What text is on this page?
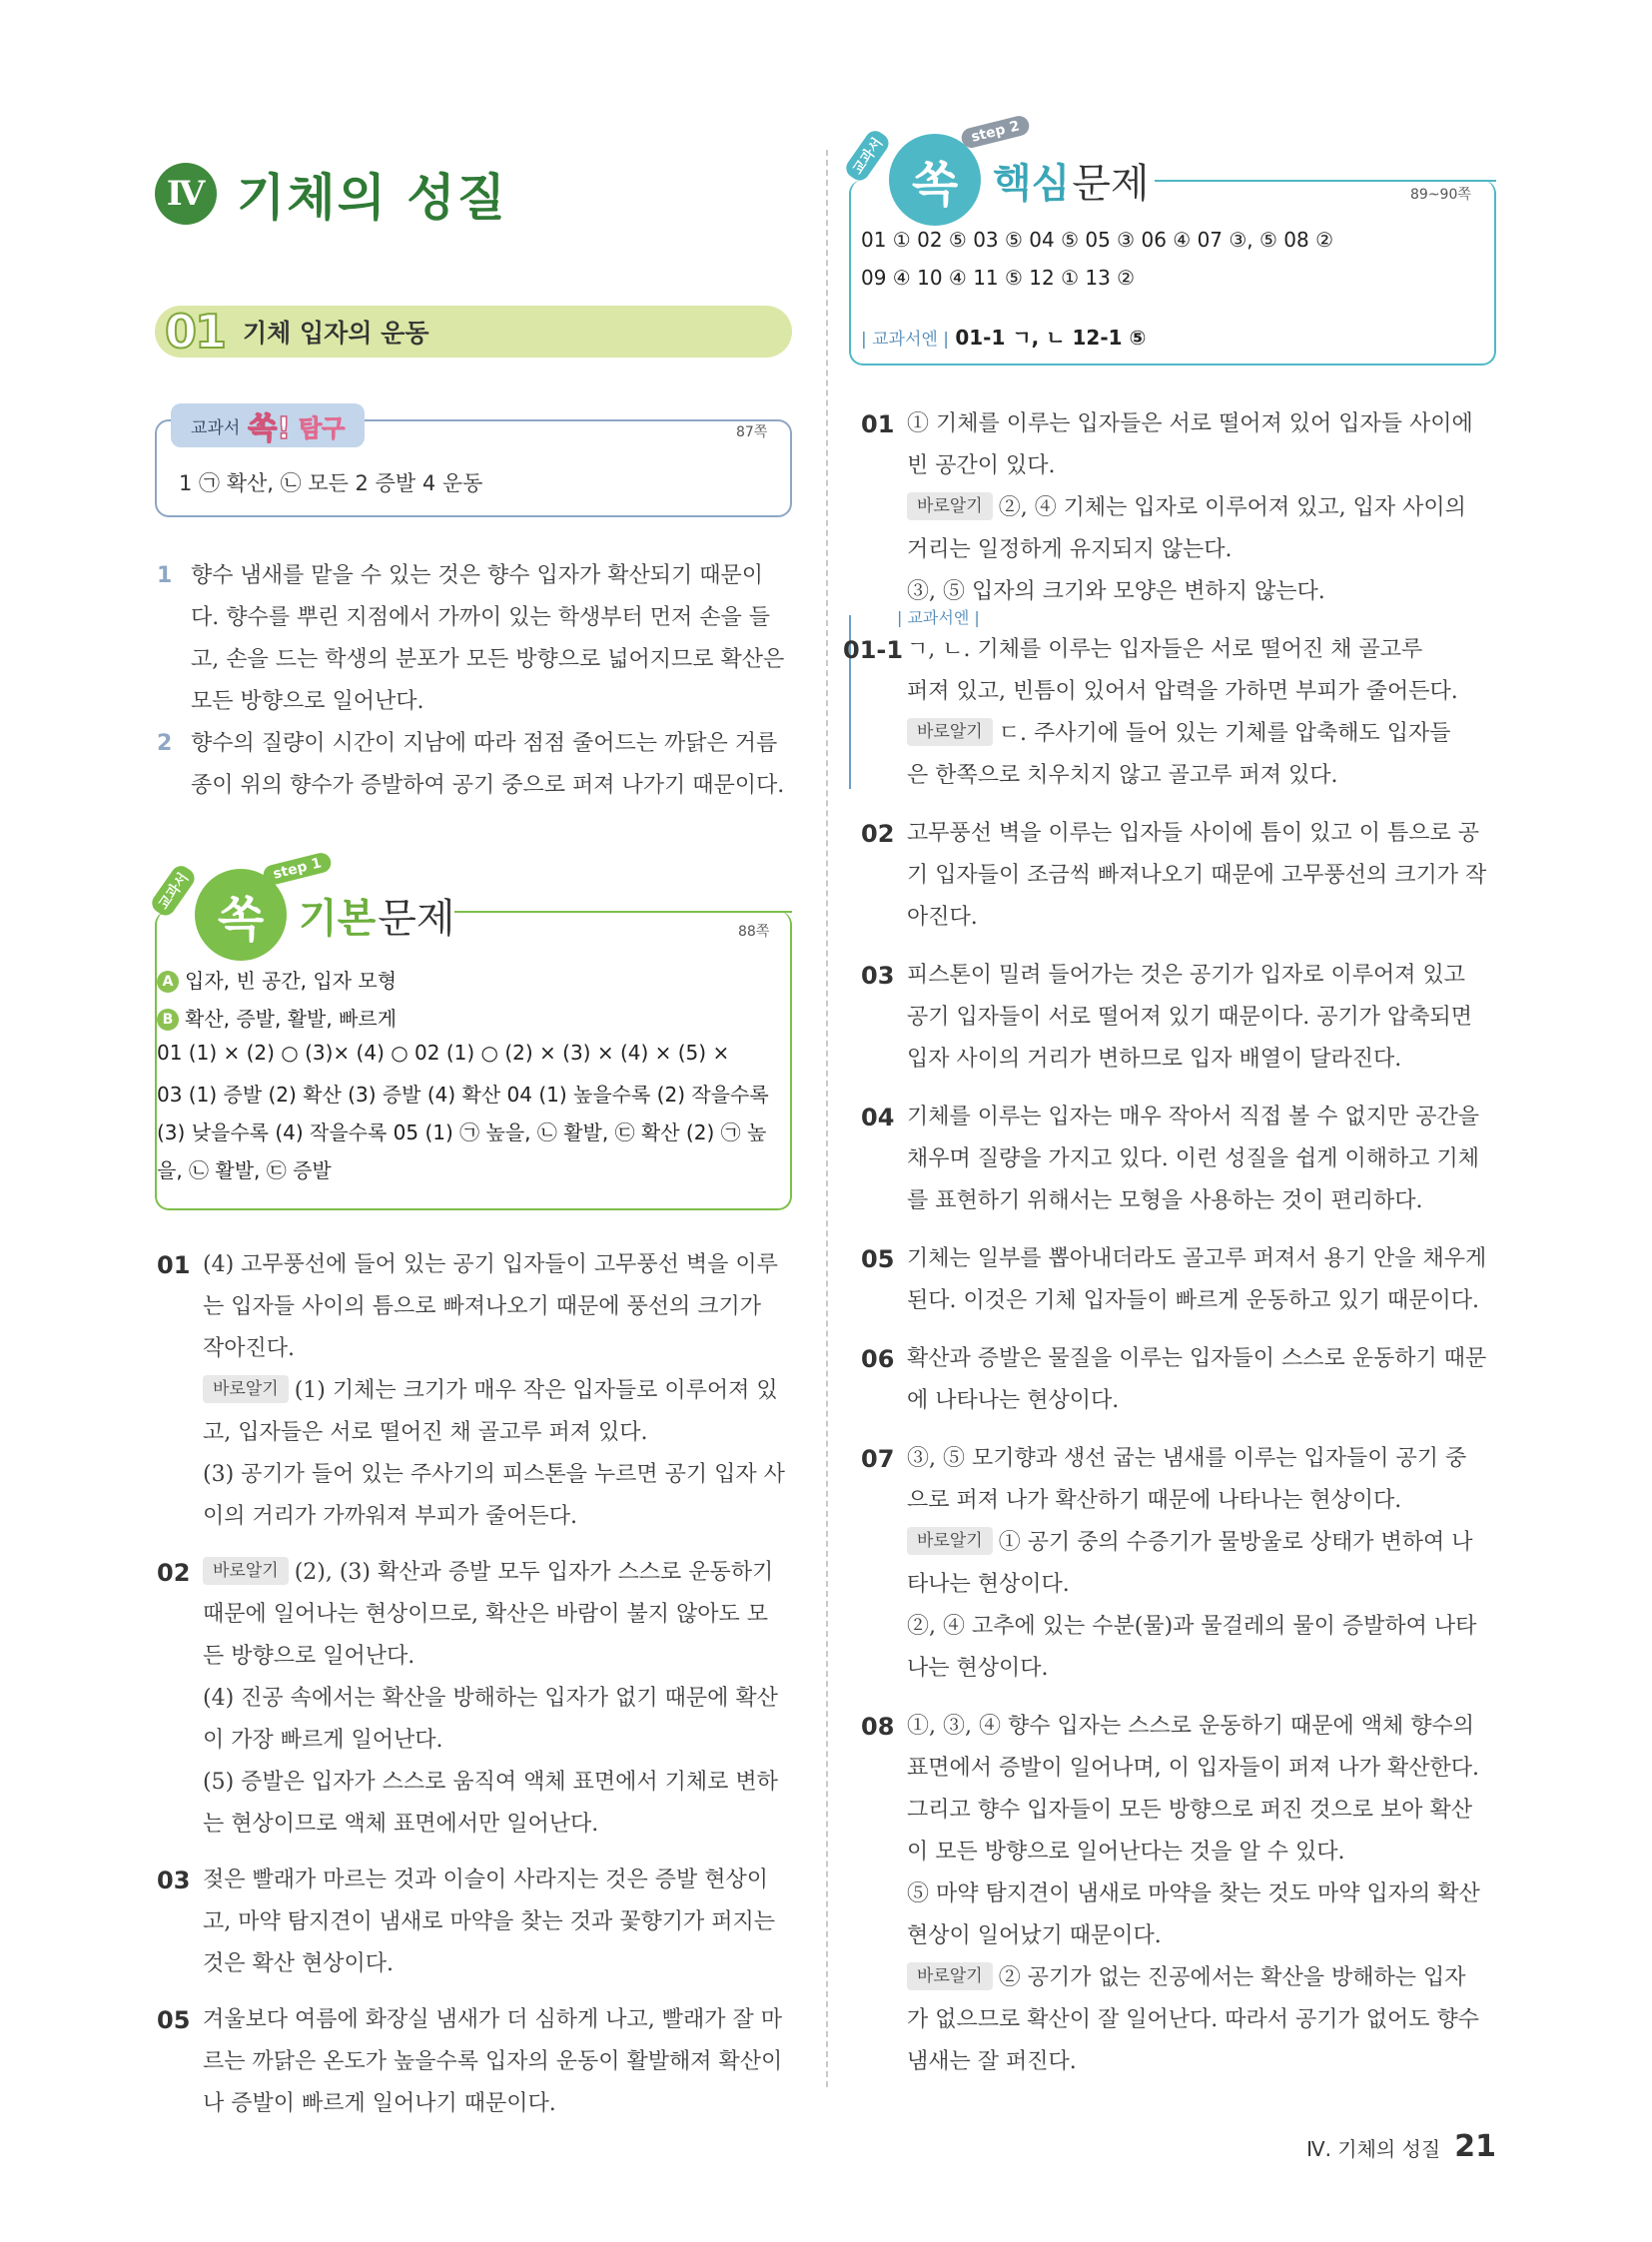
Ⅳ 기체의 성질
01 기체 입자의 운동
교과서 쏙! 탐구	87쪽
1 ㉠ 확산, ㉡ 모든 2 증발 4 운동
1 향수 냄새를 맡을 수 있는 것은 향수 입자가 확산되기 때문이
다. 향수를 뿌린 지점에서 가까이 있는 학생부터 먼저 손을 들
고, 손을 드는 학생의 분포가 모든 방향으로 넓어지므로 확산은
모든 방향으로 일어난다.
2 향수의 질량이 시간이 지남에 따라 점점 줄어드는 까닭은 거름
종이 위의 향수가 증발하여 공기 중으로 퍼져 나가기 때문이다.
쏙 기본 문제
교과서
step 1
88쪽
A 입자, 빈 공간, 입자 모형
B 확산, 증발, 활발, 빠르게
01 (1) × (2) ○ (3)× (4) ○ 02 (1) ○ (2) × (3) × (4) × (5) ×
03 (1) 증발 (2) 확산 (3) 증발 (4) 확산 04 (1) 높을수록 (2) 작을수록
(3) 낮을수록 (4) 작을수록 05 (1) ㉠ 높을, ㉡ 활발, ㉢ 확산 (2) ㉠ 높
을, ㉡ 활발, ㉢ 증발
01 (4) 고무풍선에 들어 있는 공기 입자들이 고무풍선 벽을 이루
는 입자들 사이의 틈으로 빠져나오기 때문에 풍선의 크기가
작아진다.
바로알기 (1) 기체는 크기가 매우 작은 입자들로 이루어져 있
고, 입자들은 서로 떨어진 채 골고루 퍼져 있다.
(3) 공기가 들어 있는 주사기의 피스톤을 누르면 공기 입자 사
이의 거리가 가까워져 부피가 줄어든다.
02	바로알기 (2), (3) 확산과 증발 모두 입자가 스스로 운동하기
때문에 일어나는 현상이므로, 확산은 바람이 불지 않아도 모
든 방향으로 일어난다.
(4) 진공 속에서는 확산을 방해하는 입자가 없기 때문에 확산
이 가장 빠르게 일어난다.
(5) 증발은 입자가 스스로 움직여 액체 표면에서 기체로 변하
는 현상이므로 액체 표면에서만 일어난다.
03 젖은 빨래가 마르는 것과 이슬이 사라지는 것은 증발 현상이
고, 마약 탐지견이 냄새로 마약을 찾는 것과 꽃향기가 퍼지는
것은 확산 현상이다.
05 겨울보다 여름에 화장실 냄새가 더 심하게 나고, 빨래가 잘 마
르는 까닭은 온도가 높을수록 입자의 운동이 활발해져 확산이
나 증발이 빠르게 일어나기 때문이다.
쏙 핵심 문제
교과서
step 2
89~90쪽
01 ① 02 ⑤ 03 ⑤ 04 ⑤ 05 ③ 06 ④ 07 ③, ⑤ 08 ②
09 ④ 10 ④ 11 ⑤ 12 ① 13 ②
| 교과서엔 | 01-1 ㄱ, ㄴ 12-1 ⑤
01 ① 기체를 이루는 입자들은 서로 떨어져 있어 입자들 사이에
빈 공간이 있다.
바로알기 ②, ④ 기체는 입자로 이루어져 있고, 입자 사이의
거리는 일정하게 유지되지 않는다.
③, ⑤ 입자의 크기와 모양은 변하지 않는다.
| 교과서엔 |
01-1 ㄱ, ㄴ. 기체를 이루는 입자들은 서로 떨어진 채 골고루
퍼져 있고, 빈틈이 있어서 압력을 가하면 부피가 줄어든다.
바로알기 ㄷ. 주사기에 들어 있는 기체를 압축해도 입자들
은 한쪽으로 치우치지 않고 골고루 퍼져 있다.
02 고무풍선 벽을 이루는 입자들 사이에 틈이 있고 이 틈으로 공
기 입자들이 조금씩 빠져나오기 때문에 고무풍선의 크기가 작
아진다.
03 피스톤이 밀려 들어가는 것은 공기가 입자로 이루어져 있고
공기 입자들이 서로 떨어져 있기 때문이다. 공기가 압축되면
입자 사이의 거리가 변하므로 입자 배열이 달라진다.
04 기체를 이루는 입자는 매우 작아서 직접 볼 수 없지만 공간을
채우며 질량을 가지고 있다. 이런 성질을 쉽게 이해하고 기체
를 표현하기 위해서는 모형을 사용하는 것이 편리하다.
05 기체는 일부를 뽑아내더라도 골고루 퍼져서 용기 안을 채우게
된다. 이것은 기체 입자들이 빠르게 운동하고 있기 때문이다.
06 확산과 증발은 물질을 이루는 입자들이 스스로 운동하기 때문
에 나타나는 현상이다.
07 ③, ⑤ 모기향과 생선 굽는 냄새를 이루는 입자들이 공기 중
으로 퍼져 나가 확산하기 때문에 나타나는 현상이다.
바로알기 ① 공기 중의 수증기가 물방울로 상태가 변하여 나
타나는 현상이다.
②, ④ 고추에 있는 수분(물)과 물걸레의 물이 증발하여 나타
나는 현상이다.
08 ①, ③, ④ 향수 입자는 스스로 운동하기 때문에 액체 향수의
표면에서 증발이 일어나며, 이 입자들이 퍼져 나가 확산한다.
그리고 향수 입자들이 모든 방향으로 퍼진 것으로 보아 확산
이 모든 방향으로 일어난다는 것을 알 수 있다.
⑤ 마약 탐지견이 냄새로 마약을 찾는 것도 마약 입자의 확산
현상이 일어났기 때문이다.
바로알기 ② 공기가 없는 진공에서는 확산을 방해하는 입자
가 없으므로 확산이 잘 일어난다. 따라서 공기가 없어도 향수
냄새는 잘 퍼진다.
Ⅳ. 기체의 성질 21
